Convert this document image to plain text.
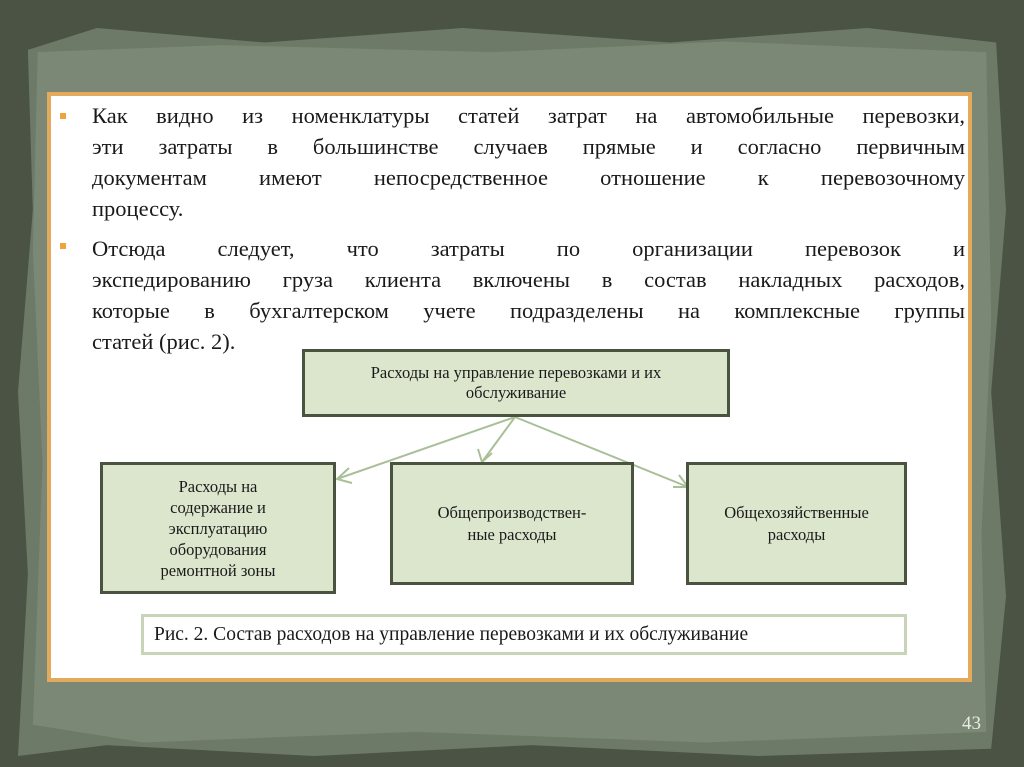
Как видно из номенклатуры статей затрат на автомобильные перевозки,
эти затраты в большинстве случаев прямые и согласно первичным
документам имеют непосредственное отношение к перевозочному
процессу.
Отсюда следует, что затраты по организации перевозок и
экспедированию груза клиента включены в состав накладных расходов,
которые в бухгалтерском учете подразделены на комплексные группы
статей (рис. 2).
Расходы на управление перевозками и их
обслуживание
Расходы на
содержание и
эксплуатацию
оборудования
ремонтной зоны
Общепроизводствен-
ные расходы
Общехозяйственные
расходы
Рис. 2. Состав расходов на управление перевозками и их обслуживание
43
